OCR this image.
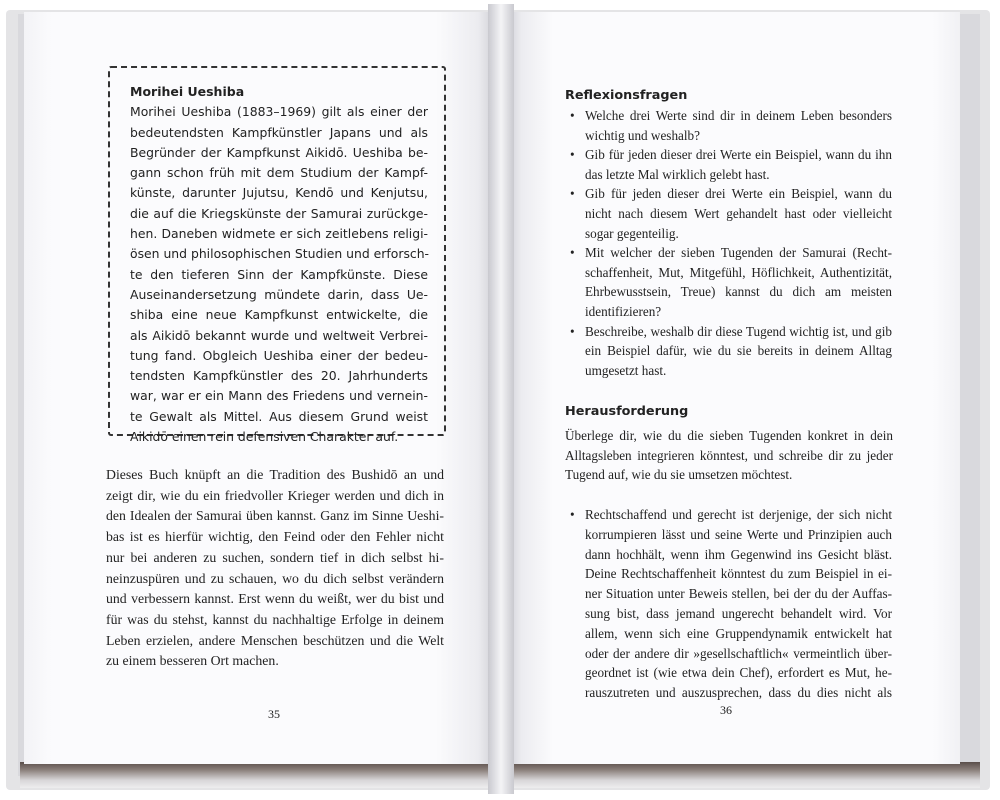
Morihei Ueshiba
Morihei Ueshiba (1883–1969) gilt als einer der
bedeutendsten Kampfkünstler Japans und als
Begründer der Kampfkunst Aikidō. Ueshiba be-
gann schon früh mit dem Studium der Kampf-
künste, darunter Jujutsu, Kendō und Kenjutsu,
die auf die Kriegskünste der Samurai zurückge-
hen. Daneben widmete er sich zeitlebens religi-
ösen und philosophischen Studien und erforsch-
te den tieferen Sinn der Kampfkünste. Diese
Auseinandersetzung mündete darin, dass Ue-
shiba eine neue Kampfkunst entwickelte, die
als Aikidō bekannt wurde und weltweit Verbrei-
tung fand. Obgleich Ueshiba einer der bedeu-
tendsten Kampfkünstler des 20. Jahrhunderts
war, war er ein Mann des Friedens und vernein-
te Gewalt als Mittel. Aus diesem Grund weist
Aikidō einen rein defensiven Charakter auf.
Dieses Buch knüpft an die Tradition des Bushidō an und
zeigt dir, wie du ein friedvoller Krieger werden und dich in
den Idealen der Samurai üben kannst. Ganz im Sinne Ueshi-
bas ist es hierfür wichtig, den Feind oder den Fehler nicht
nur bei anderen zu suchen, sondern tief in dich selbst hi-
neinzuspüren und zu schauen, wo du dich selbst verändern
und verbessern kannst. Erst wenn du weißt, wer du bist und
für was du stehst, kannst du nachhaltige Erfolge in deinem
Leben erzielen, andere Menschen beschützen und die Welt
zu einem besseren Ort machen.
35
Reflexionsfragen
• Welche drei Werte sind dir in deinem Leben besonders
wichtig und weshalb?
• Gib für jeden dieser drei Werte ein Beispiel, wann du ihn
das letzte Mal wirklich gelebt hast.
• Gib für jeden dieser drei Werte ein Beispiel, wann du
nicht nach diesem Wert gehandelt hast oder vielleicht
sogar gegenteilig.
• Mit welcher der sieben Tugenden der Samurai (Recht-
schaffenheit, Mut, Mitgefühl, Höflichkeit, Authentizität,
Ehrbewusstsein, Treue) kannst du dich am meisten
identifizieren?
• Beschreibe, weshalb dir diese Tugend wichtig ist, und gib
ein Beispiel dafür, wie du sie bereits in deinem Alltag
umgesetzt hast.
Herausforderung
Überlege dir, wie du die sieben Tugenden konkret in dein
Alltagsleben integrieren könntest, und schreibe dir zu jeder
Tugend auf, wie du sie umsetzen möchtest.
• Rechtschaffend und gerecht ist derjenige, der sich nicht
korrumpieren lässt und seine Werte und Prinzipien auch
dann hochhält, wenn ihm Gegenwind ins Gesicht bläst.
Deine Rechtschaffenheit könntest du zum Beispiel in ei-
ner Situation unter Beweis stellen, bei der du der Auffas-
sung bist, dass jemand ungerecht behandelt wird. Vor
allem, wenn sich eine Gruppendynamik entwickelt hat
oder der andere dir »gesellschaftlich« vermeintlich über-
geordnet ist (wie etwa dein Chef), erfordert es Mut, he-
rauszutreten und auszusprechen, dass du dies nicht als
36
